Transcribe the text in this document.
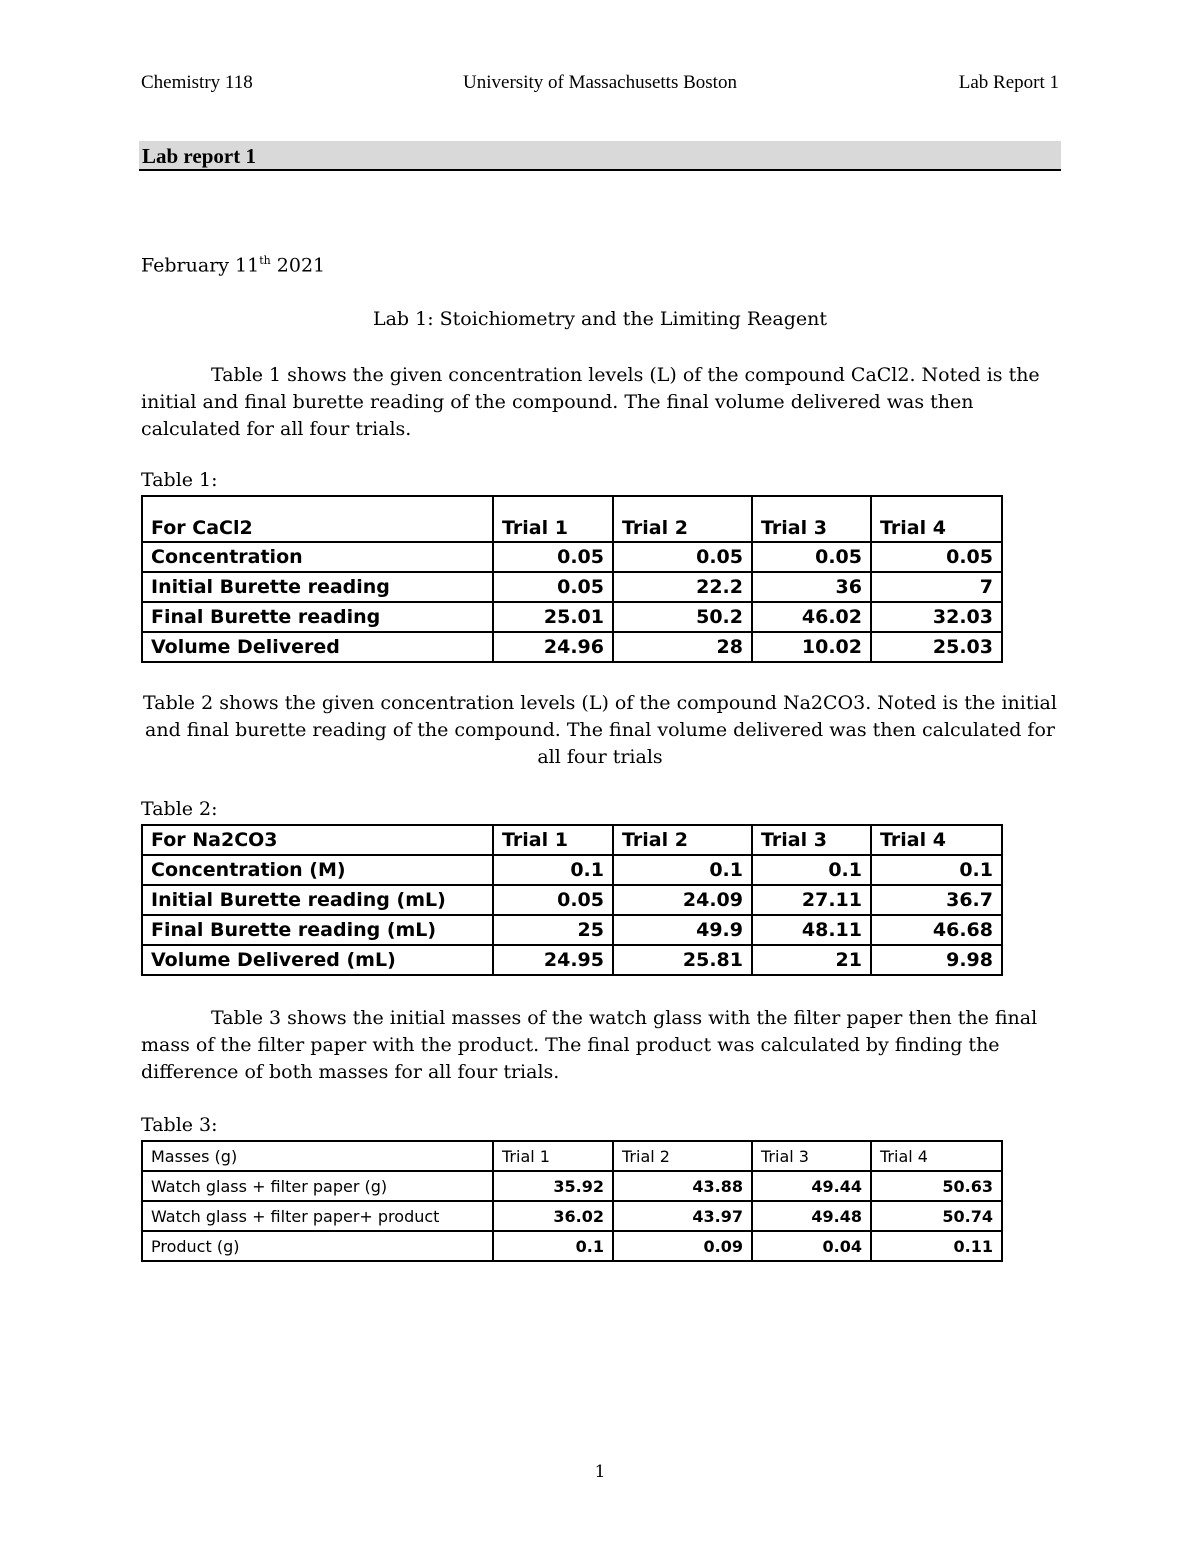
Chemistry 118	University of Massachusetts Boston	Lab Report 1
Lab report 1
February 11th 2021
Lab 1: Stoichiometry and the Limiting Reagent
Table 1 shows the given concentration levels (L) of the compound CaCl2. Noted is the initial and final burette reading of the compound. The final volume delivered was then calculated for all four trials.
Table 1:
For CaCl2	Trial 1	Trial 2	Trial 3	Trial 4
Concentration	0.05	0.05	0.05	0.05
Initial Burette reading	0.05	22.2	36	7
Final Burette reading	25.01	50.2	46.02	32.03
Volume Delivered	24.96	28	10.02	25.03
Table 2 shows the given concentration levels (L) of the compound Na2CO3. Noted is the initial and final burette reading of the compound. The final volume delivered was then calculated for all four trials
Table 2:
For Na2CO3	Trial 1	Trial 2	Trial 3	Trial 4
Concentration (M)	0.1	0.1	0.1	0.1
Initial Burette reading (mL)	0.05	24.09	27.11	36.7
Final Burette reading (mL)	25	49.9	48.11	46.68
Volume Delivered (mL)	24.95	25.81	21	9.98
Table 3 shows the initial masses of the watch glass with the filter paper then the final mass of the filter paper with the product. The final product was calculated by finding the difference of both masses for all four trials.
Table 3:
Masses (g)	Trial 1	Trial 2	Trial 3	Trial 4
Watch glass + filter paper (g)	35.92	43.88	49.44	50.63
Watch glass + filter paper+ product	36.02	43.97	49.48	50.74
Product (g)	0.1	0.09	0.04	0.11
1
